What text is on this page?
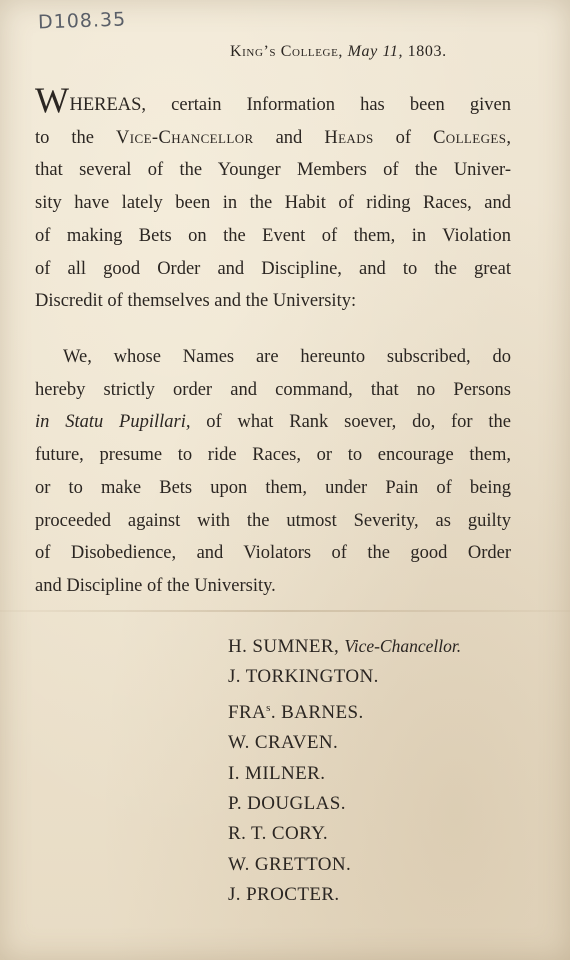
D108.35
King’s College, May 11, 1803.
WHEREAS, certain Information has been given
to the Vice-Chancellor and Heads of Colleges,
that several of the Younger Members of the Univer-
sity have lately been in the Habit of riding Races, and
of making Bets on the Event of them, in Violation
of all good Order and Discipline, and to the great
Discredit of themselves and the University:
We, whose Names are hereunto subscribed, do
hereby strictly order and command, that no Persons
in Statu Pupillari, of what Rank soever, do, for the
future, presume to ride Races, or to encourage them,
or to make Bets upon them, under Pain of being
proceeded against with the utmost Severity, as guilty
of Disobedience, and Violators of the good Order
and Discipline of the University.
H. SUMNER, Vice-Chancellor.
J. TORKINGTON.
FRA$^s$. BARNES.
W. CRAVEN.
I. MILNER.
P. DOUGLAS.
R. T. CORY.
W. GRETTON.
J. PROCTER.
